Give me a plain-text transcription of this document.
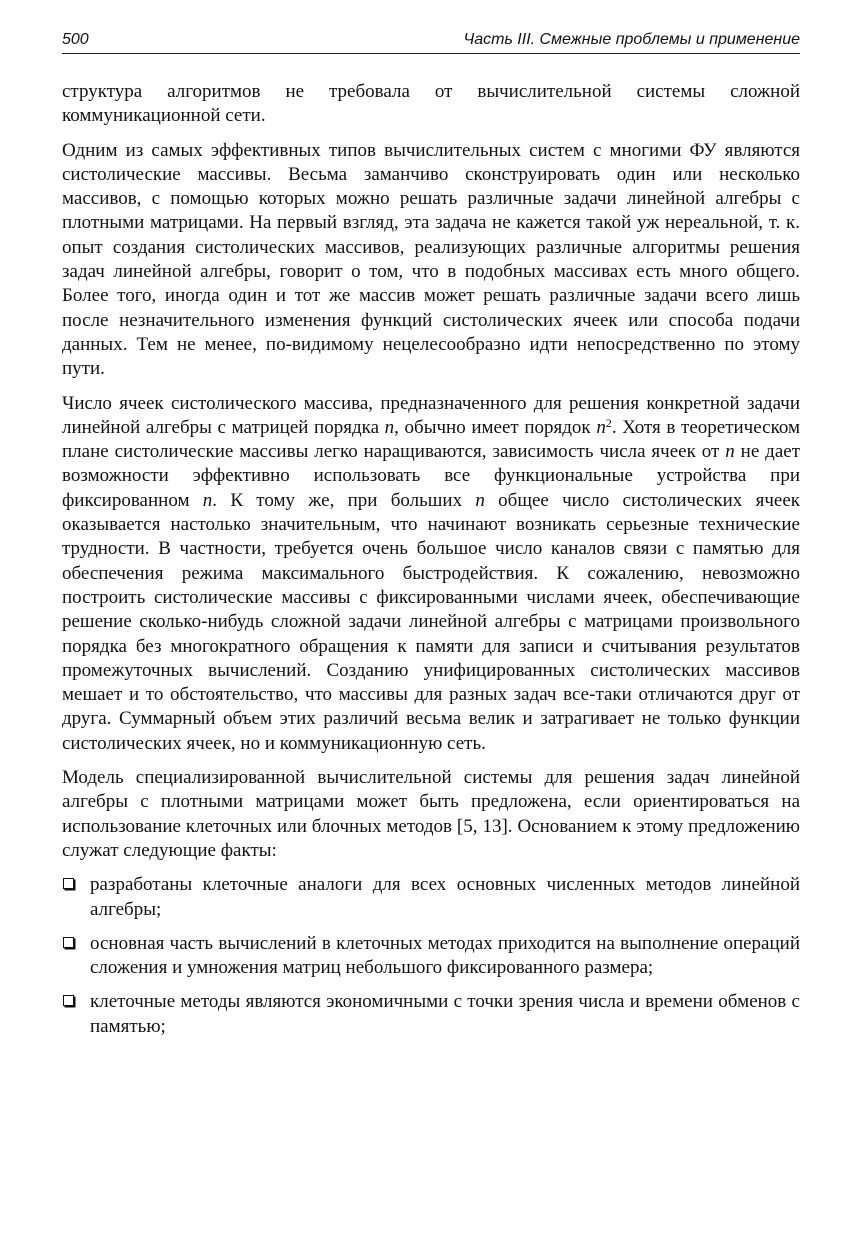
500	Часть III. Смежные проблемы и применение

структура алгоритмов не требовала от вычислительной системы сложной коммуникационной сети.

Одним из самых эффективных типов вычислительных систем с многими ФУ являются систолические массивы. Весьма заманчиво сконструировать один или несколько массивов, с помощью которых можно решать различные задачи линейной алгебры с плотными матрицами. На первый взгляд, эта задача не кажется такой уж нереальной, т. к. опыт создания систолических массивов, реализующих различные алгоритмы решения задач линейной алгебры, говорит о том, что в подобных массивах есть много общего. Более того, иногда один и тот же массив может решать различные задачи всего лишь после незначительного изменения функций систолических ячеек или способа подачи данных. Тем не менее, по-видимому нецелесообразно идти непосредственно по этому пути.

Число ячеек систолического массива, предназначенного для решения конкретной задачи линейной алгебры с матрицей порядка n, обычно имеет порядок $n^2$. Хотя в теоретическом плане систолические массивы легко наращиваются, зависимость числа ячеек от n не дает возможности эффективно использовать все функциональные устройства при фиксированном n. К тому же, при больших n общее число систолических ячеек оказывается настолько значительным, что начинают возникать серьезные технические трудности. В частности, требуется очень большое число каналов связи с памятью для обеспечения режима максимального быстродействия. К сожалению, невозможно построить систолические массивы с фиксированными числами ячеек, обеспечивающие решение сколько-нибудь сложной задачи линейной алгебры с матрицами произвольного порядка без многократного обращения к памяти для записи и считывания результатов промежуточных вычислений. Созданию унифицированных систолических массивов мешает и то обстоятельство, что массивы для разных задач все-таки отличаются друг от друга. Суммарный объем этих различий весьма велик и затрагивает не только функции систолических ячеек, но и коммуникационную сеть.

Модель специализированной вычислительной системы для решения задач линейной алгебры с плотными матрицами может быть предложена, если ориентироваться на использование клеточных или блочных методов [5, 13]. Основанием к этому предложению служат следующие факты:

разработаны клеточные аналоги для всех основных численных методов линейной алгебры;
основная часть вычислений в клеточных методах приходится на выполнение операций сложения и умножения матриц небольшого фиксированного размера;
клеточные методы являются экономичными с точки зрения числа и времени обменов с памятью;
